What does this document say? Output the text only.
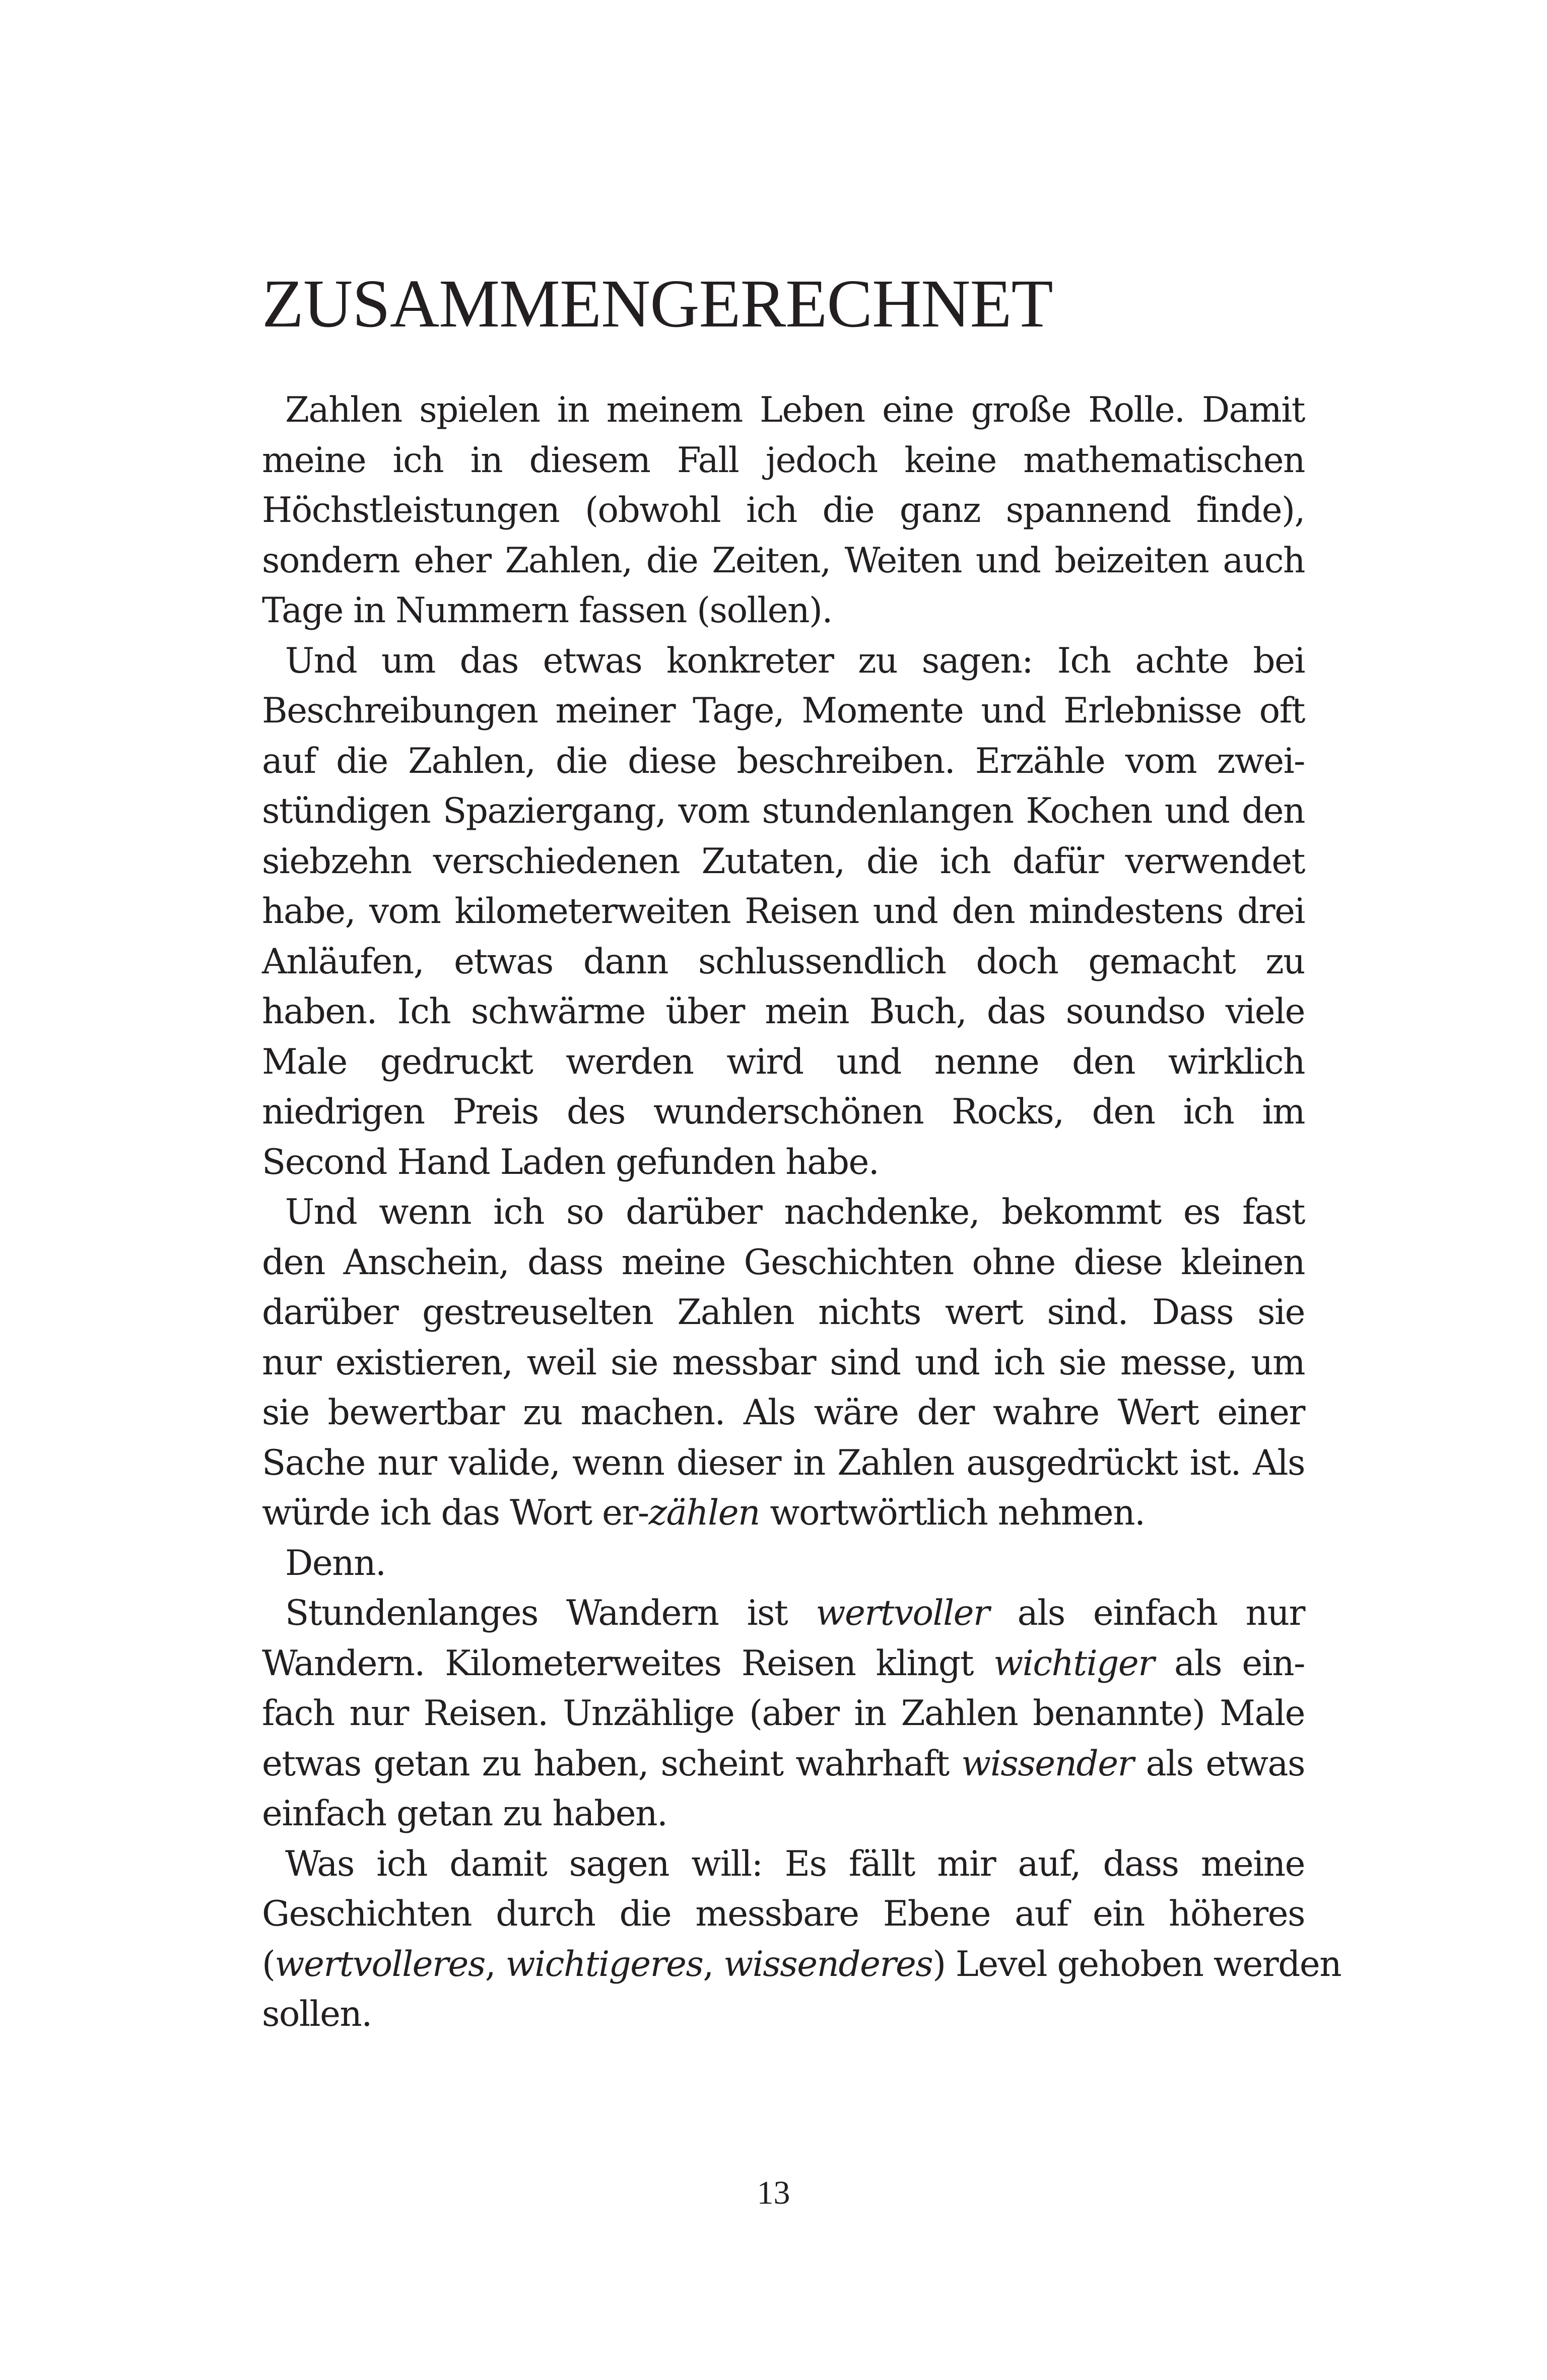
ZUSAMMENGERECHNET

Zahlen spielen in meinem Leben eine große Rolle. Damit
meine ich in diesem Fall jedoch keine mathematischen
Höchstleistungen (obwohl ich die ganz spannend finde),
sondern eher Zahlen, die Zeiten, Weiten und beizeiten auch
Tage in Nummern fassen (sollen).

Und um das etwas konkreter zu sagen: Ich achte bei
Beschreibungen meiner Tage, Momente und Erlebnisse oft
auf die Zahlen, die diese beschreiben. Erzähle vom zwei-
stündigen Spaziergang, vom stundenlangen Kochen und den
siebzehn verschiedenen Zutaten, die ich dafür verwendet
habe, vom kilometerweiten Reisen und den mindestens drei
Anläufen, etwas dann schlussendlich doch gemacht zu
haben. Ich schwärme über mein Buch, das soundso viele
Male gedruckt werden wird und nenne den wirklich
niedrigen Preis des wunderschönen Rocks, den ich im
Second Hand Laden gefunden habe.

Und wenn ich so darüber nachdenke, bekommt es fast
den Anschein, dass meine Geschichten ohne diese kleinen
darüber gestreuselten Zahlen nichts wert sind. Dass sie
nur existieren, weil sie messbar sind und ich sie messe, um
sie bewertbar zu machen. Als wäre der wahre Wert einer
Sache nur valide, wenn dieser in Zahlen ausgedrückt ist. Als
würde ich das Wort er-zählen wortwörtlich nehmen.

Denn.

Stundenlanges Wandern ist wertvoller als einfach nur
Wandern. Kilometerweites Reisen klingt wichtiger als ein-
fach nur Reisen. Unzählige (aber in Zahlen benannte) Male
etwas getan zu haben, scheint wahrhaft wissender als etwas
einfach getan zu haben.

Was ich damit sagen will: Es fällt mir auf, dass meine
Geschichten durch die messbare Ebene auf ein höheres
(wertvolleres, wichtigeres, wissenderes) Level gehoben werden
sollen.

13
